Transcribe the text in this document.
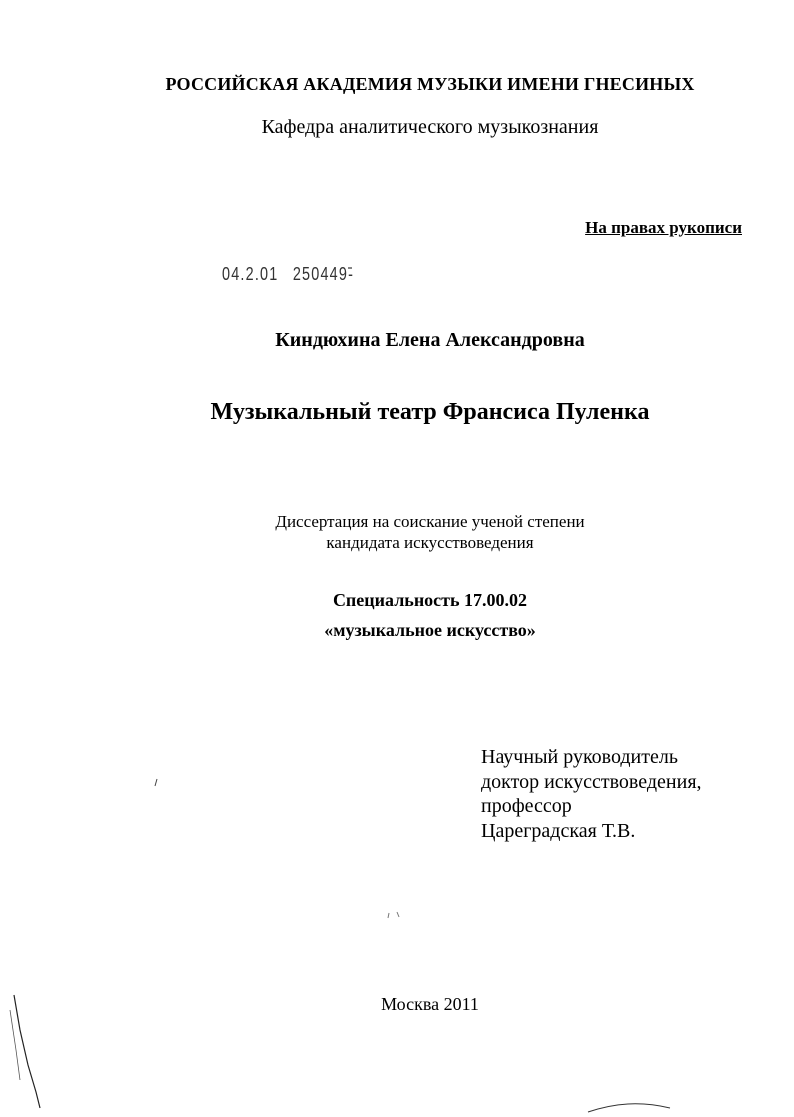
РОССИЙСКАЯ АКАДЕМИЯ МУЗЫКИ ИМЕНИ ГНЕСИНЫХ
Кафедра аналитического музыкознания
На правах рукописи
04.2.01 250449-
Киндюхина Елена Александровна
Музыкальный театр Франсиса Пуленка
Диссертация на соискание ученой степени
кандидата искусствоведения
Специальность 17.00.02
«музыкальное искусство»
Научный руководитель
доктор искусствоведения,
профессор
Цареградская Т.В.
Москва 2011
